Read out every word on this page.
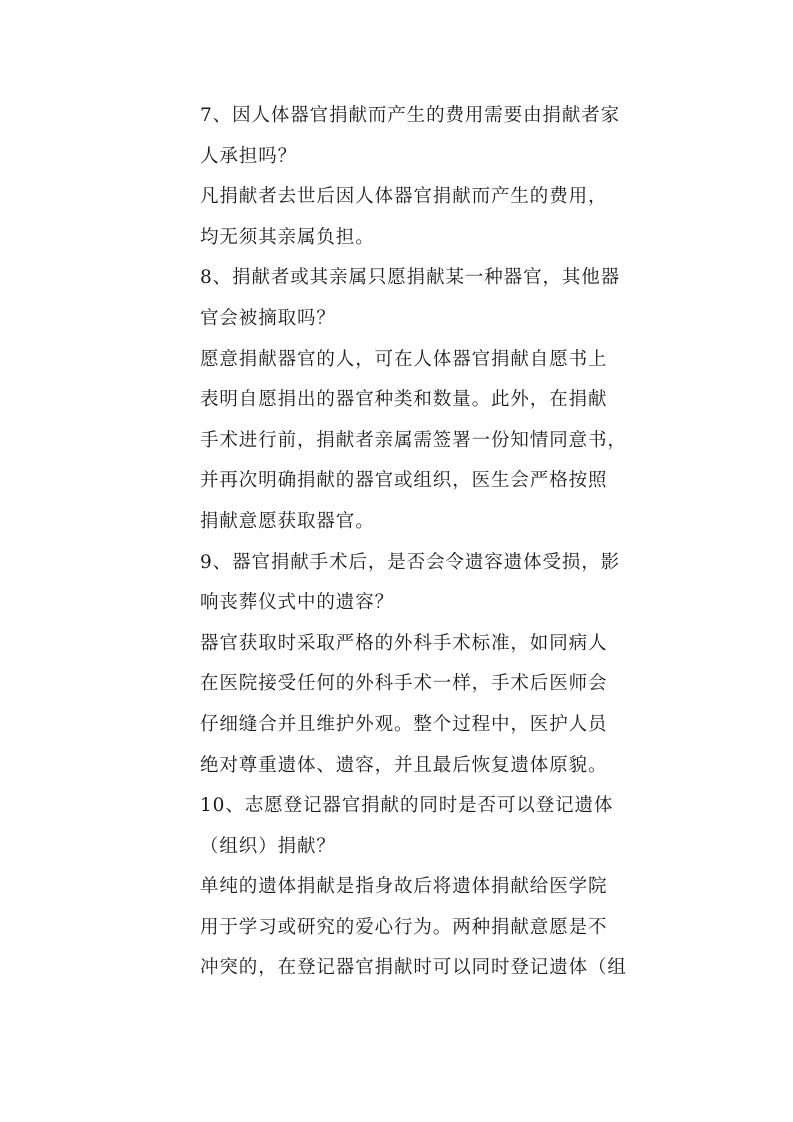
7、因人体器官捐献而产生的费用需要由捐献者家
人承担吗？
凡捐献者去世后因人体器官捐献而产生的费用，
均无须其亲属负担。
8、捐献者或其亲属只愿捐献某一种器官，其他器
官会被摘取吗？
愿意捐献器官的人，可在人体器官捐献自愿书上
表明自愿捐出的器官种类和数量。此外，在捐献
手术进行前，捐献者亲属需签署一份知情同意书，
并再次明确捐献的器官或组织，医生会严格按照
捐献意愿获取器官。
9、器官捐献手术后，是否会令遗容遗体受损，影
响丧葬仪式中的遗容？
器官获取时采取严格的外科手术标准，如同病人
在医院接受任何的外科手术一样，手术后医师会
仔细缝合并且维护外观。整个过程中，医护人员
绝对尊重遗体、遗容，并且最后恢复遗体原貌。
10、志愿登记器官捐献的同时是否可以登记遗体
（组织）捐献？
单纯的遗体捐献是指身故后将遗体捐献给医学院
用于学习或研究的爱心行为。两种捐献意愿是不
冲突的，在登记器官捐献时可以同时登记遗体（组
